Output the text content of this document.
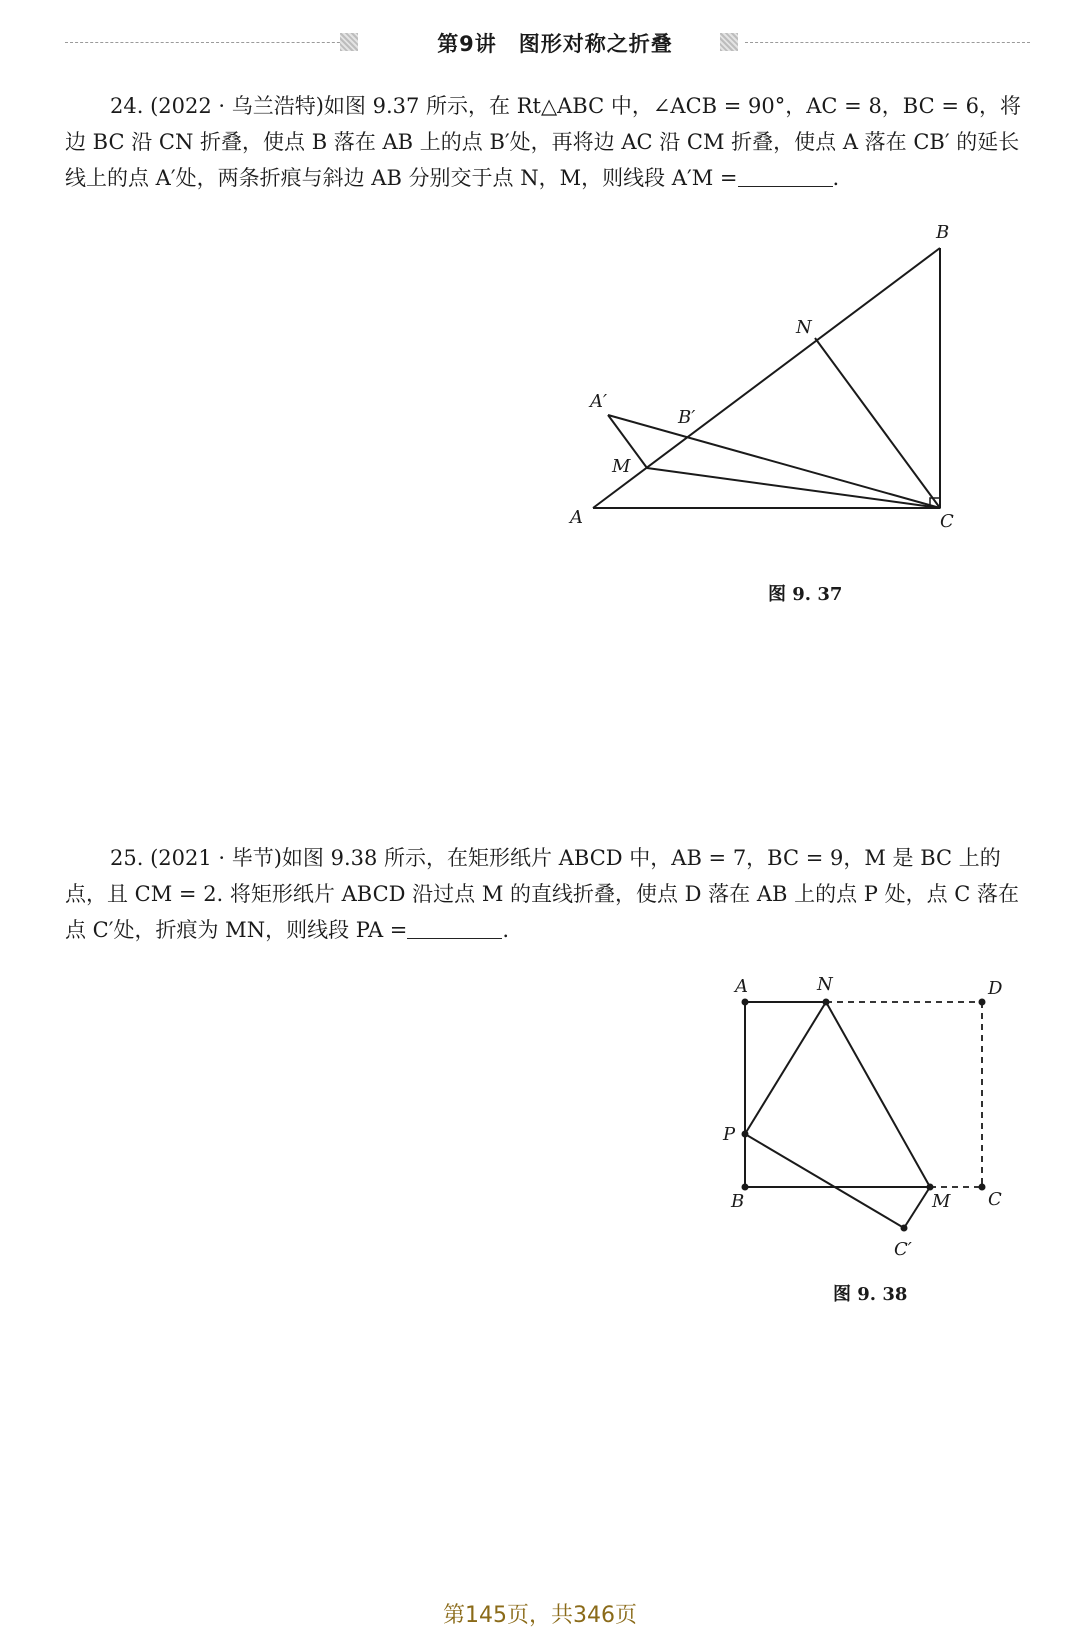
第9讲　图形对称之折叠
24. (2022 · 乌兰浩特)如图 9.37 所示，在 Rt△ABC 中，∠ACB = 90°，AC = 8，BC = 6，将边 BC 沿 CN 折叠，使点 B 落在 AB 上的点 B′处，再将边 AC 沿 CM 折叠，使点 A 落在 CB′ 的延长线上的点 A′处，两条折痕与斜边 AB 分别交于点 N，M，则线段 A′M =	.
A
B
C
N
M
A′
B′
图 9. 37
25. (2021 · 毕节)如图 9.38 所示，在矩形纸片 ABCD 中，AB = 7，BC = 9，M 是 BC 上的点，且 CM = 2. 将矩形纸片 ABCD 沿过点 M 的直线折叠，使点 D 落在 AB 上的点 P 处，点 C 落在点 C′处，折痕为 MN，则线段 PA =	.
A	N	D
P
B	M C
C′
图 9. 38
第145页，共346页
